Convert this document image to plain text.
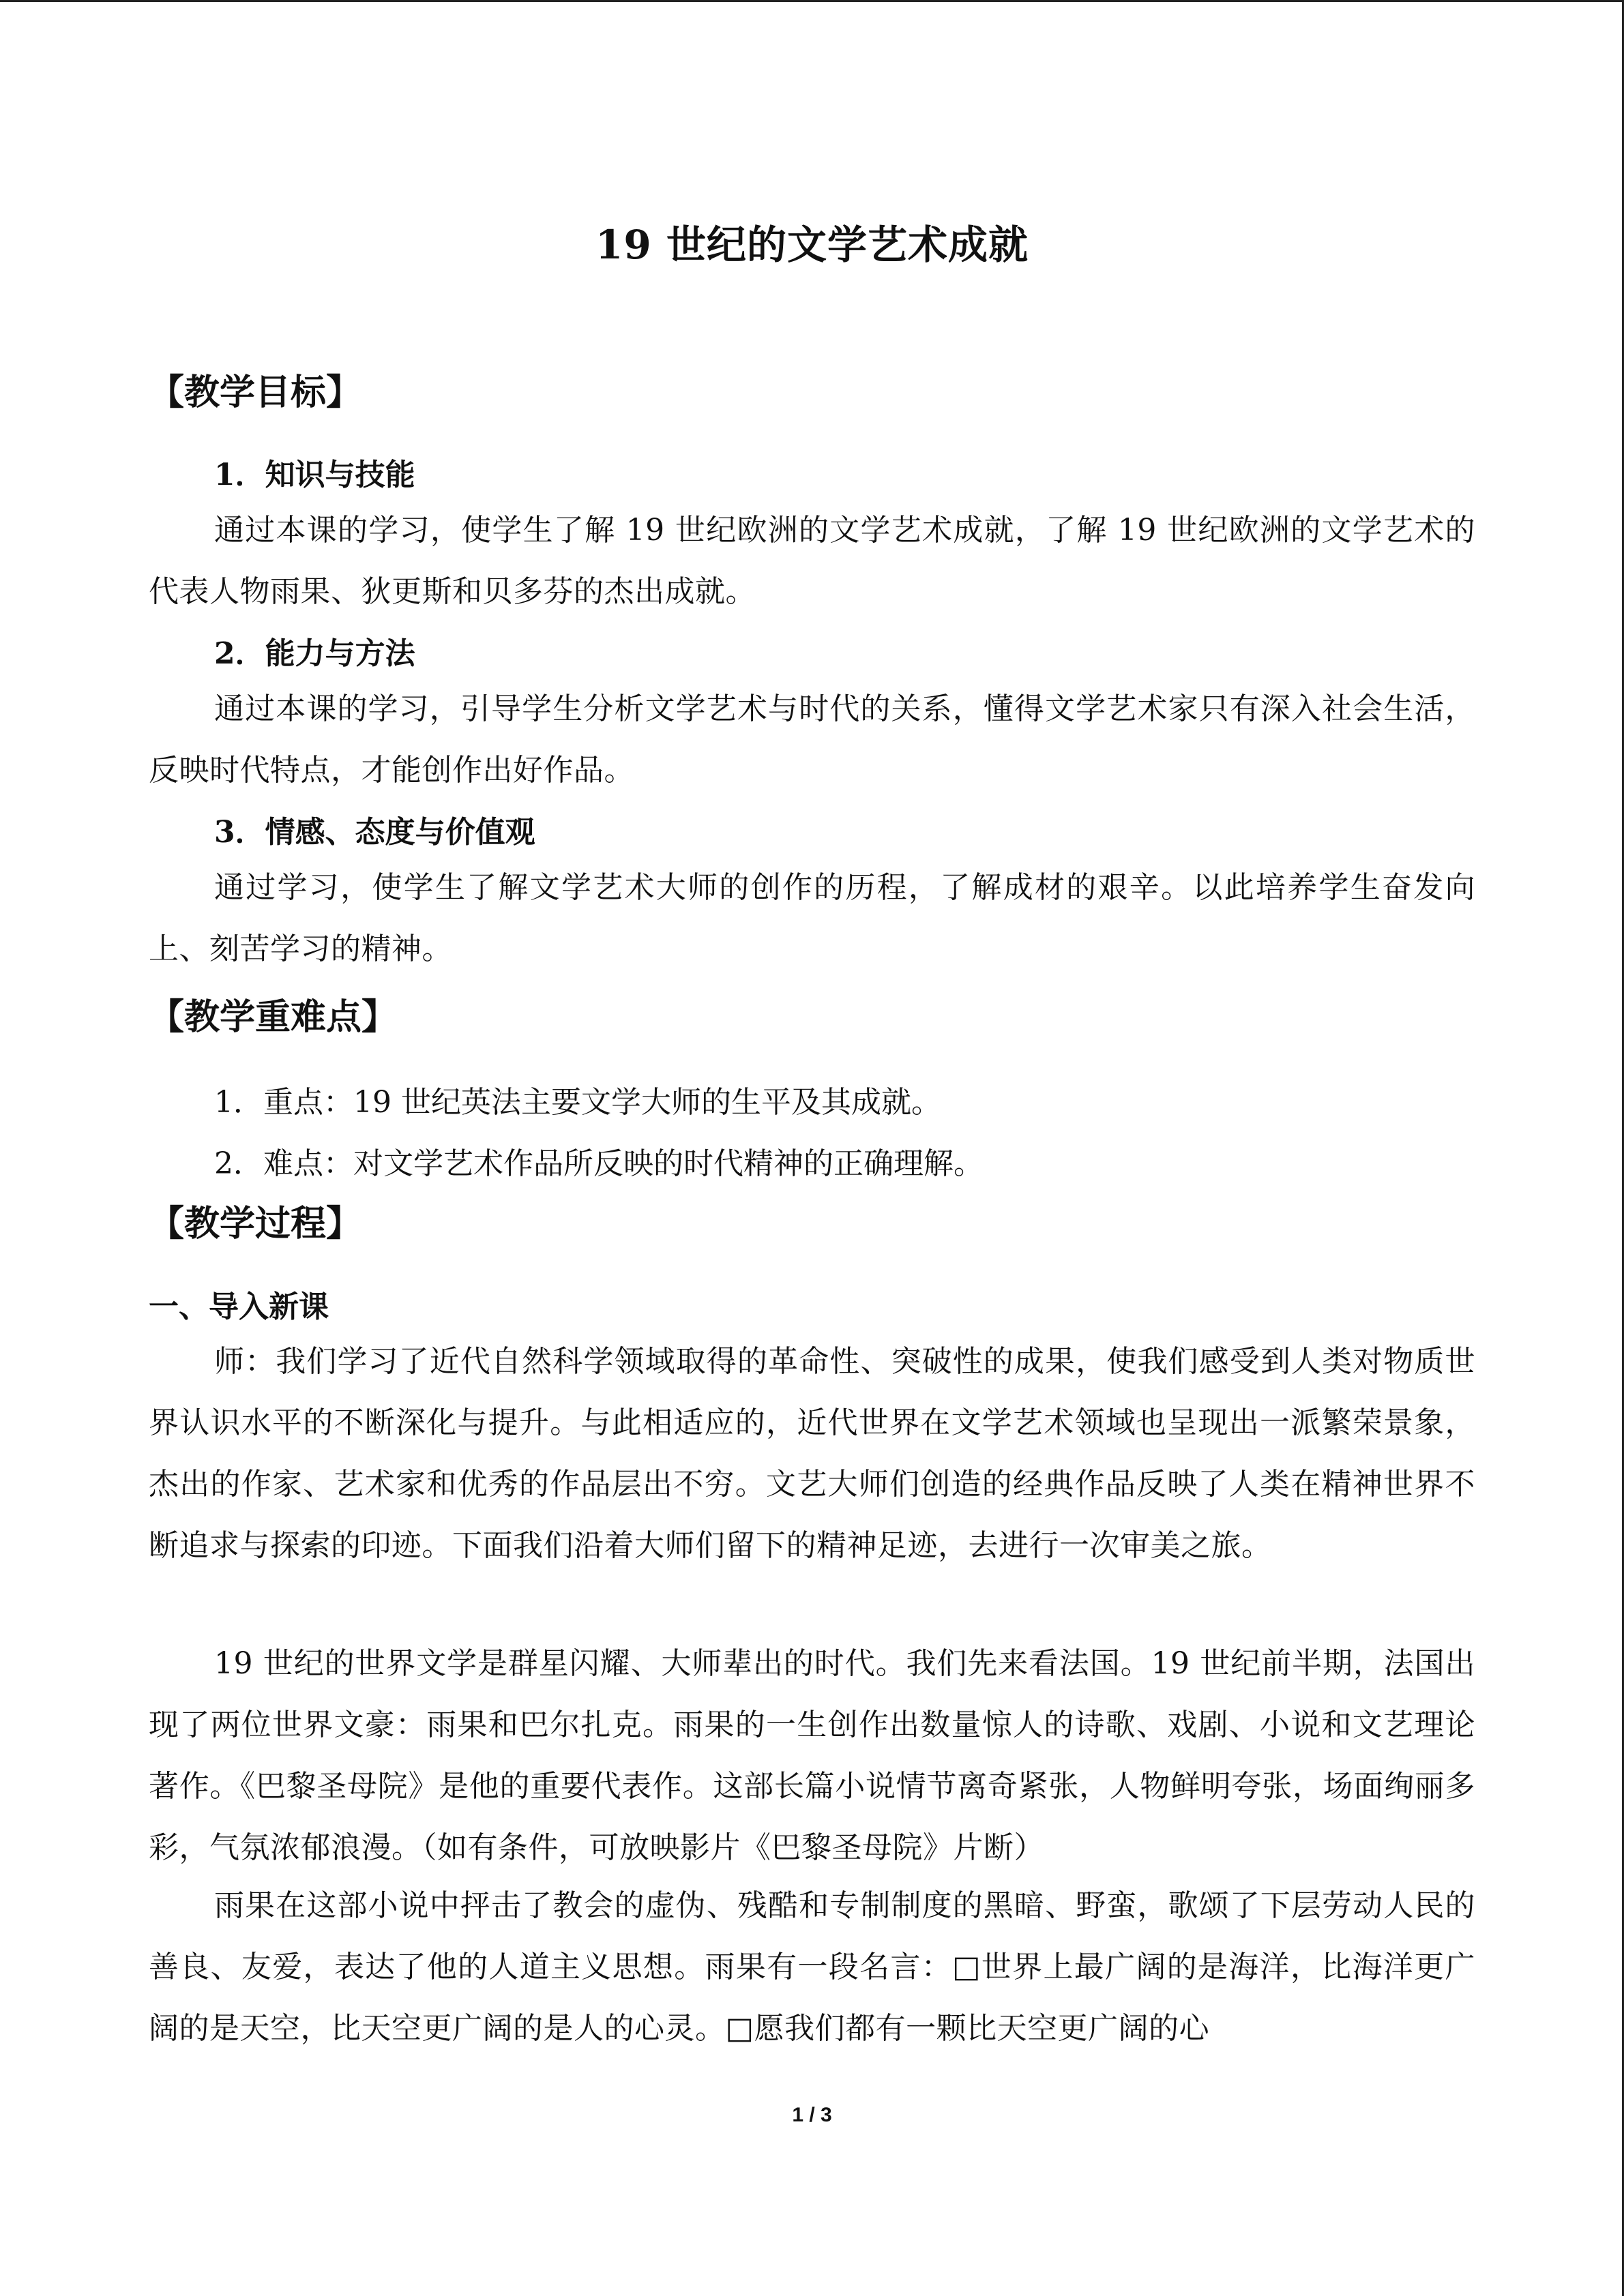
19 世纪的文学艺术成就
【教学目标】
1．知识与技能
通过本课的学习，使学生了解 19 世纪欧洲的文学艺术成就，了解 19 世纪欧洲的文学艺术的代表人物雨果、狄更斯和贝多芬的杰出成就。
2．能力与方法
通过本课的学习，引导学生分析文学艺术与时代的关系，懂得文学艺术家只有深入社会生活，反映时代特点，才能创作出好作品。
3．情感、态度与价值观
通过学习，使学生了解文学艺术大师的创作的历程，了解成材的艰辛。以此培养学生奋发向上、刻苦学习的精神。
【教学重难点】
1．重点：19 世纪英法主要文学大师的生平及其成就。
2．难点：对文学艺术作品所反映的时代精神的正确理解。
【教学过程】
一、导入新课
师：我们学习了近代自然科学领域取得的革命性、突破性的成果，使我们感受到人类对物质世界认识水平的不断深化与提升。与此相适应的，近代世界在文学艺术领域也呈现出一派繁荣景象，杰出的作家、艺术家和优秀的作品层出不穷。文艺大师们创造的经典作品反映了人类在精神世界不断追求与探索的印迹。下面我们沿着大师们留下的精神足迹，去进行一次审美之旅。
19 世纪的世界文学是群星闪耀、大师辈出的时代。我们先来看法国。19 世纪前半期，法国出现了两位世界文豪：雨果和巴尔扎克。雨果的一生创作出数量惊人的诗歌、戏剧、小说和文艺理论著作。《巴黎圣母院》是他的重要代表作。这部长篇小说情节离奇紧张，人物鲜明夸张，场面绚丽多彩，气氛浓郁浪漫。（如有条件，可放映影片《巴黎圣母院》片断）
雨果在这部小说中抨击了教会的虚伪、残酷和专制制度的黑暗、野蛮，歌颂了下层劳动人民的善良、友爱，表达了他的人道主义思想。雨果有一段名言：□世界上最广阔的是海洋，比海洋更广阔的是天空，比天空更广阔的是人的心灵。□愿我们都有一颗比天空更广阔的心
1 / 3
